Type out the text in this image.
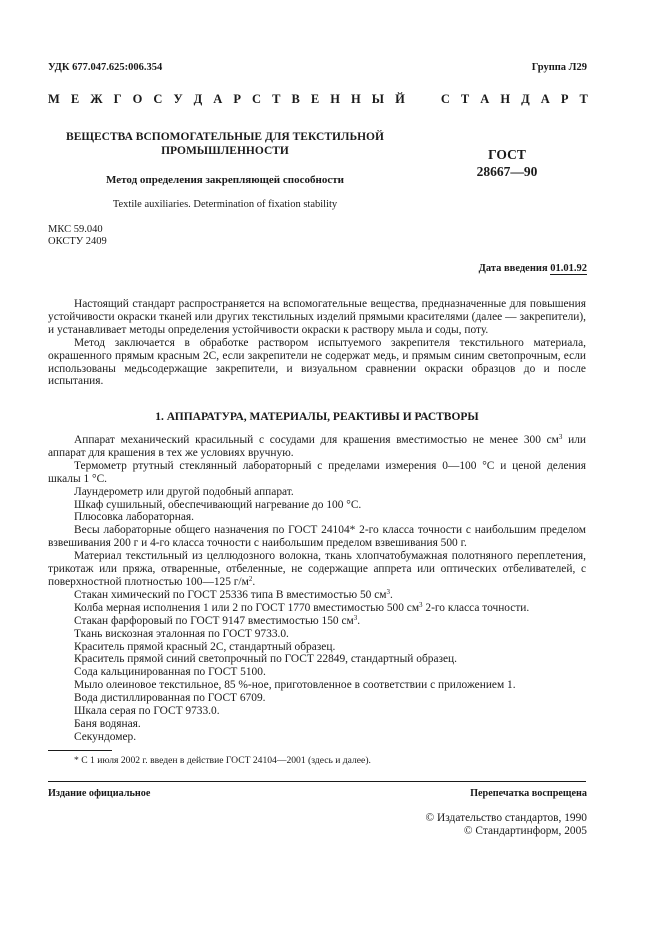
УДК 677.047.625:006.354	Группа Л29
М Е Ж Г О С У Д А Р С Т В Е Н Н Ы Й	С Т А Н Д А Р Т
ВЕЩЕСТВА ВСПОМОГАТЕЛЬНЫЕ ДЛЯ ТЕКСТИЛЬНОЙ
ПРОМЫШЛЕННОСТИ
Метод определения закрепляющей способности
Textile auxiliaries. Determination of fixation stability
ГОСТ
28667—90
МКС 59.040
ОКСТУ 2409
Дата введения 01.01.92

Настоящий стандарт распространяется на вспомогательные вещества, предназначенные для повышения устойчивости окраски тканей или других текстильных изделий прямыми красителями (далее — закрепители), и устанавливает методы определения устойчивости окраски к раствору мыла и соды, поту.

Метод заключается в обработке раствором испытуемого закрепителя текстильного материала, окрашенного прямым красным 2С, если закрепители не содержат медь, и прямым синим светопрочным, если использованы медьсодержащие закрепители, и визуальном сравнении окраски образцов до и после испытания.

1. АППАРАТУРА, МАТЕРИАЛЫ, РЕАКТИВЫ И РАСТВОРЫ

Аппарат механический красильный с сосудами для крашения вместимостью не менее 300 $см^3$ или аппарат для крашения в тех же условиях вручную.

Термометр ртутный стеклянный лабораторный с пределами измерения 0—100 °С и ценой деления шкалы 1 °С.

Лаундерометр или другой подобный аппарат.

Шкаф сушильный, обеспечивающий нагревание до 100 °С.

Плюсовка лабораторная.

Весы лабораторные общего назначения по ГОСТ 24104* 2-го класса точности с наибольшим пределом взвешивания 200 г и 4-го класса точности с наибольшим пределом взвешивания 500 г.

Материал текстильный из целлюдозного волокна, ткань хлопчатобумажная полотняного переплетения, трикотаж или пряжа, отваренные, отбеленные, не содержащие аппрета или оптических отбеливателей, с поверхностной плотностью 100—125 $г/м^2$.

Стакан химический по ГОСТ 25336 типа В вместимостью 50 $см^3$.

Колба мерная исполнения 1 или 2 по ГОСТ 1770 вместимостью 500 $см^3$ 2-го класса точности.

Стакан фарфоровый по ГОСТ 9147 вместимостью 150 $см^3$.

Ткань вискозная эталонная по ГОСТ 9733.0.

Краситель прямой красный 2С, стандартный образец.

Краситель прямой синий светопрочный по ГОСТ 22849, стандартный образец.

Сода кальцинированная по ГОСТ 5100.

Мыло олеиновое текстильное, 85 %-ное, приготовленное в соответствии с приложением 1.

Вода дистиллированная по ГОСТ 6709.

Шкала серая по ГОСТ 9733.0.

Баня водяная.

Секундомер.

* С 1 июля 2002 г. введен в действие ГОСТ 24104—2001 (здесь и далее).
Издание официальное	Перепечатка воспрещена
© Издательство стандартов, 1990
© Стандартинформ, 2005
